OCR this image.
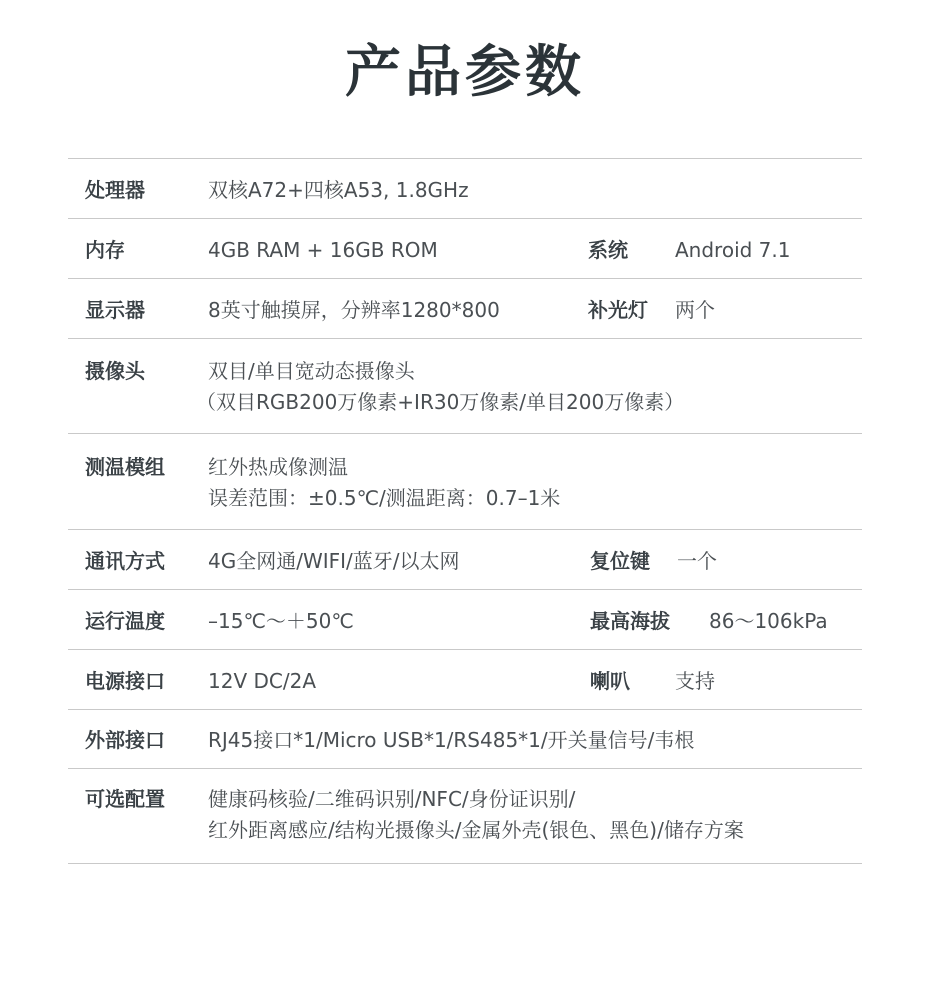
产品参数
处理器	双核A72+四核A53, 1.8GHz
内存	4GB RAM + 16GB ROM	系统 Android 7.1
显示器	8英寸触摸屏，分辨率1280*800	补光灯 两个
摄像头	双目/单目宽动态摄像头
（双目RGB200万像素+IR30万像素/单目200万像素）
测温模组 红外热成像测温
误差范围：±0.5℃/测温距离：0.7–1米
通讯方式 4G全网通/WIFI/蓝牙/以太网	复位键 一个
运行温度 –15℃～＋50℃	最高海拔 86～106kPa
电源接口 12V DC/2A	喇叭 支持
外部接口 RJ45接口*1/Micro USB*1/RS485*1/开关量信号/韦根
可选配置 健康码核验/二维码识别/NFC/身份证识别/
红外距离感应/结构光摄像头/金属外壳(银色、黑色)/储存方案
